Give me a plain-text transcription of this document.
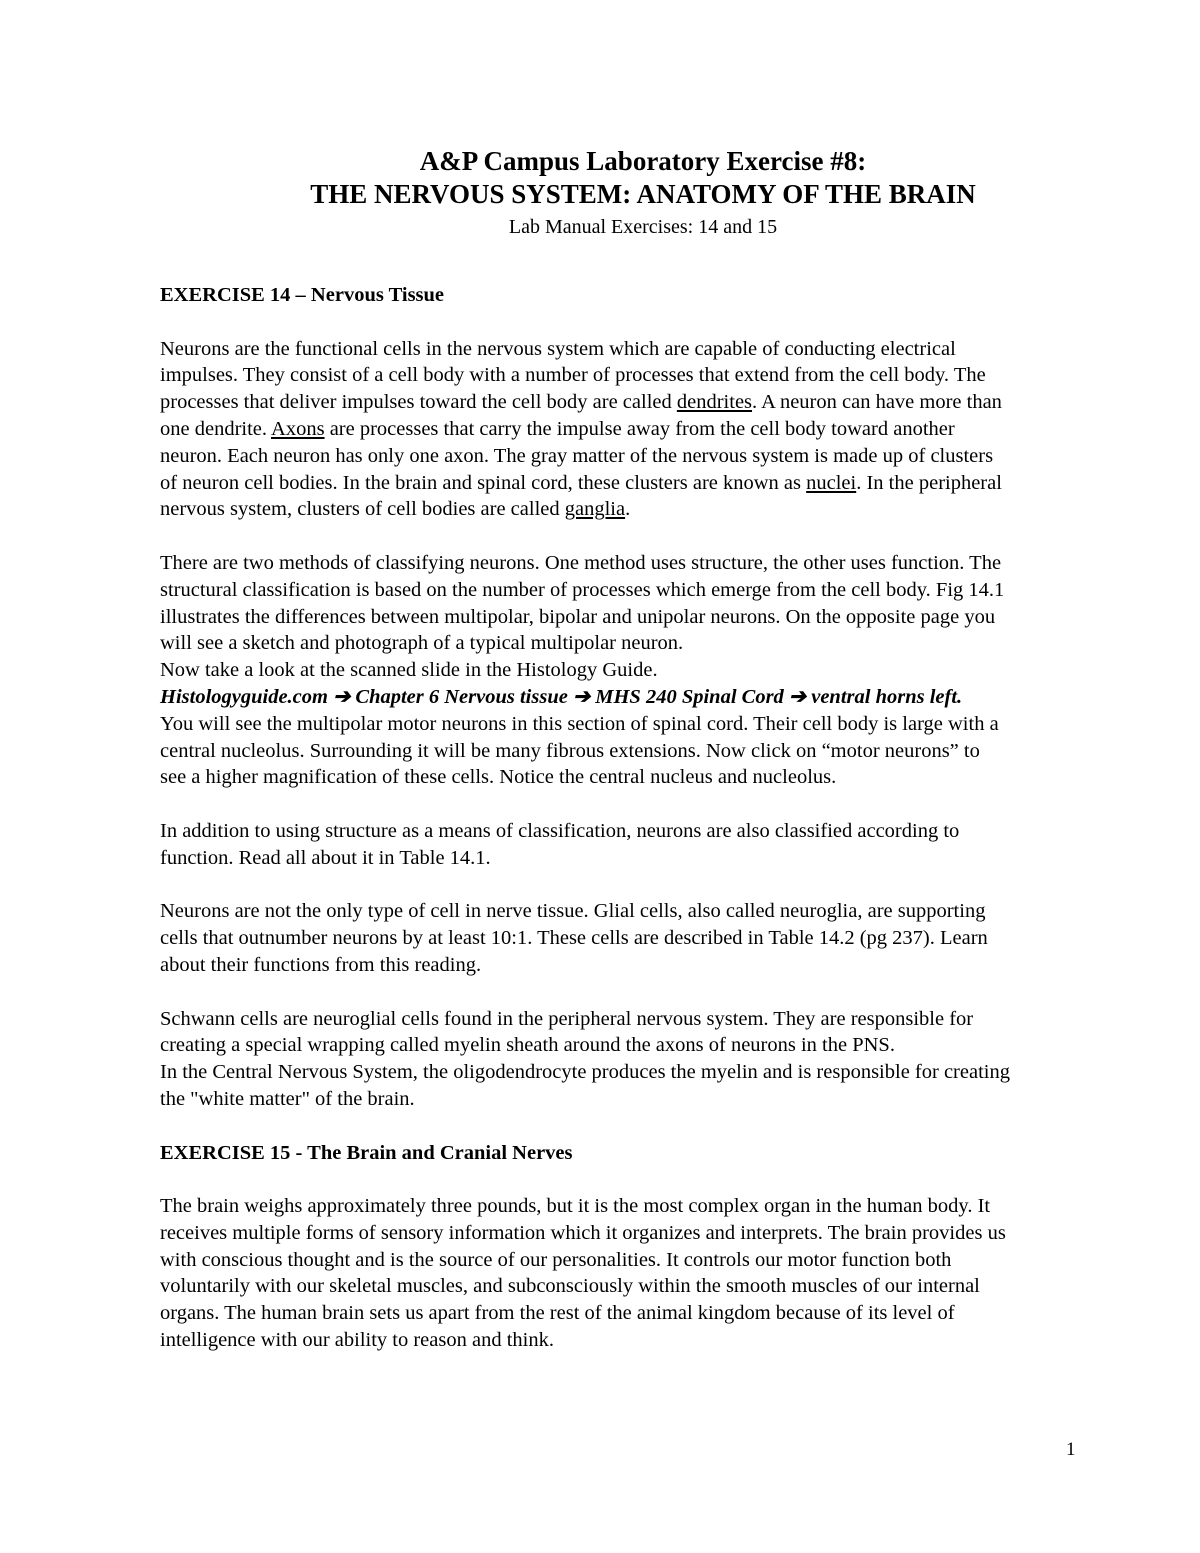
A&P Campus Laboratory Exercise #8:
THE NERVOUS SYSTEM: ANATOMY OF THE BRAIN
Lab Manual Exercises: 14 and 15
EXERCISE 14 – Nervous Tissue
Neurons are the functional cells in the nervous system which are capable of conducting electrical
impulses. They consist of a cell body with a number of processes that extend from the cell body. The
processes that deliver impulses toward the cell body are called dendrites. A neuron can have more than
one dendrite. Axons are processes that carry the impulse away from the cell body toward another
neuron. Each neuron has only one axon. The gray matter of the nervous system is made up of clusters
of neuron cell bodies. In the brain and spinal cord, these clusters are known as nuclei. In the peripheral
nervous system, clusters of cell bodies are called ganglia.
There are two methods of classifying neurons. One method uses structure, the other uses function. The
structural classification is based on the number of processes which emerge from the cell body. Fig 14.1
illustrates the differences between multipolar, bipolar and unipolar neurons. On the opposite page you
will see a sketch and photograph of a typical multipolar neuron.
Now take a look at the scanned slide in the Histology Guide.
Histologyguide.com ➔ Chapter 6 Nervous tissue ➔ MHS 240 Spinal Cord ➔ ventral horns left.
You will see the multipolar motor neurons in this section of spinal cord. Their cell body is large with a
central nucleolus. Surrounding it will be many fibrous extensions. Now click on “motor neurons” to
see a higher magnification of these cells. Notice the central nucleus and nucleolus.
In addition to using structure as a means of classification, neurons are also classified according to
function. Read all about it in Table 14.1.
Neurons are not the only type of cell in nerve tissue. Glial cells, also called neuroglia, are supporting
cells that outnumber neurons by at least 10:1. These cells are described in Table 14.2 (pg 237). Learn
about their functions from this reading.
Schwann cells are neuroglial cells found in the peripheral nervous system. They are responsible for
creating a special wrapping called myelin sheath around the axons of neurons in the PNS.
In the Central Nervous System, the oligodendrocyte produces the myelin and is responsible for creating
the "white matter" of the brain.
EXERCISE 15 - The Brain and Cranial Nerves
The brain weighs approximately three pounds, but it is the most complex organ in the human body. It
receives multiple forms of sensory information which it organizes and interprets. The brain provides us
with conscious thought and is the source of our personalities. It controls our motor function both
voluntarily with our skeletal muscles, and subconsciously within the smooth muscles of our internal
organs. The human brain sets us apart from the rest of the animal kingdom because of its level of
intelligence with our ability to reason and think.
1
